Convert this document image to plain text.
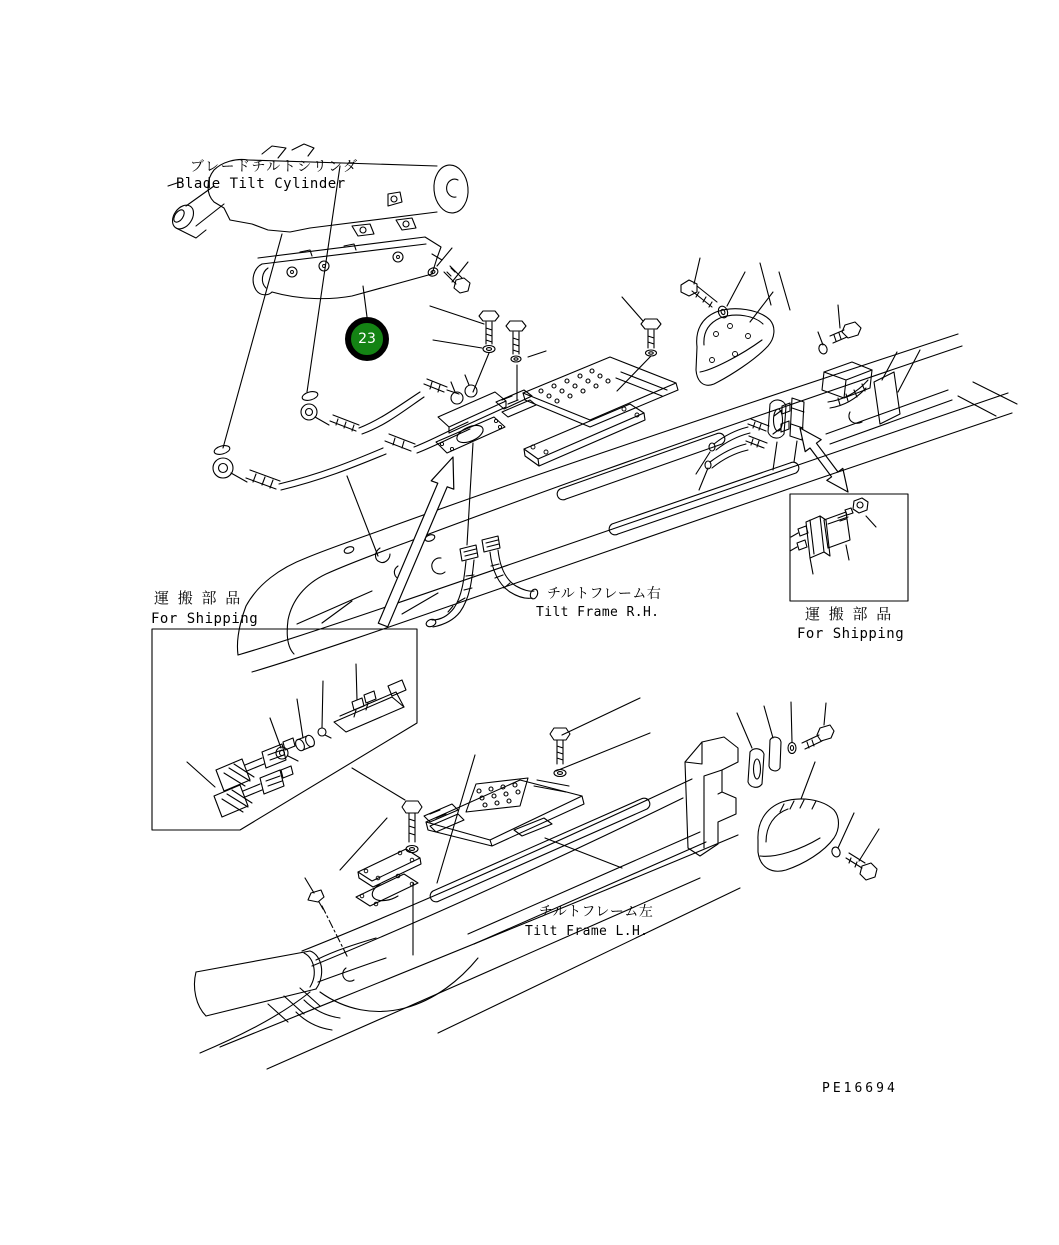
23
ブレードチルトシリンダ
Blade Tilt Cylinder
運 搬 部 品
For Shipping
チルトフレーム右
Tilt Frame R.H.	運 搬 部 品
For Shipping
チルトフレーム左
Tilt Frame L.H.
PE16694
